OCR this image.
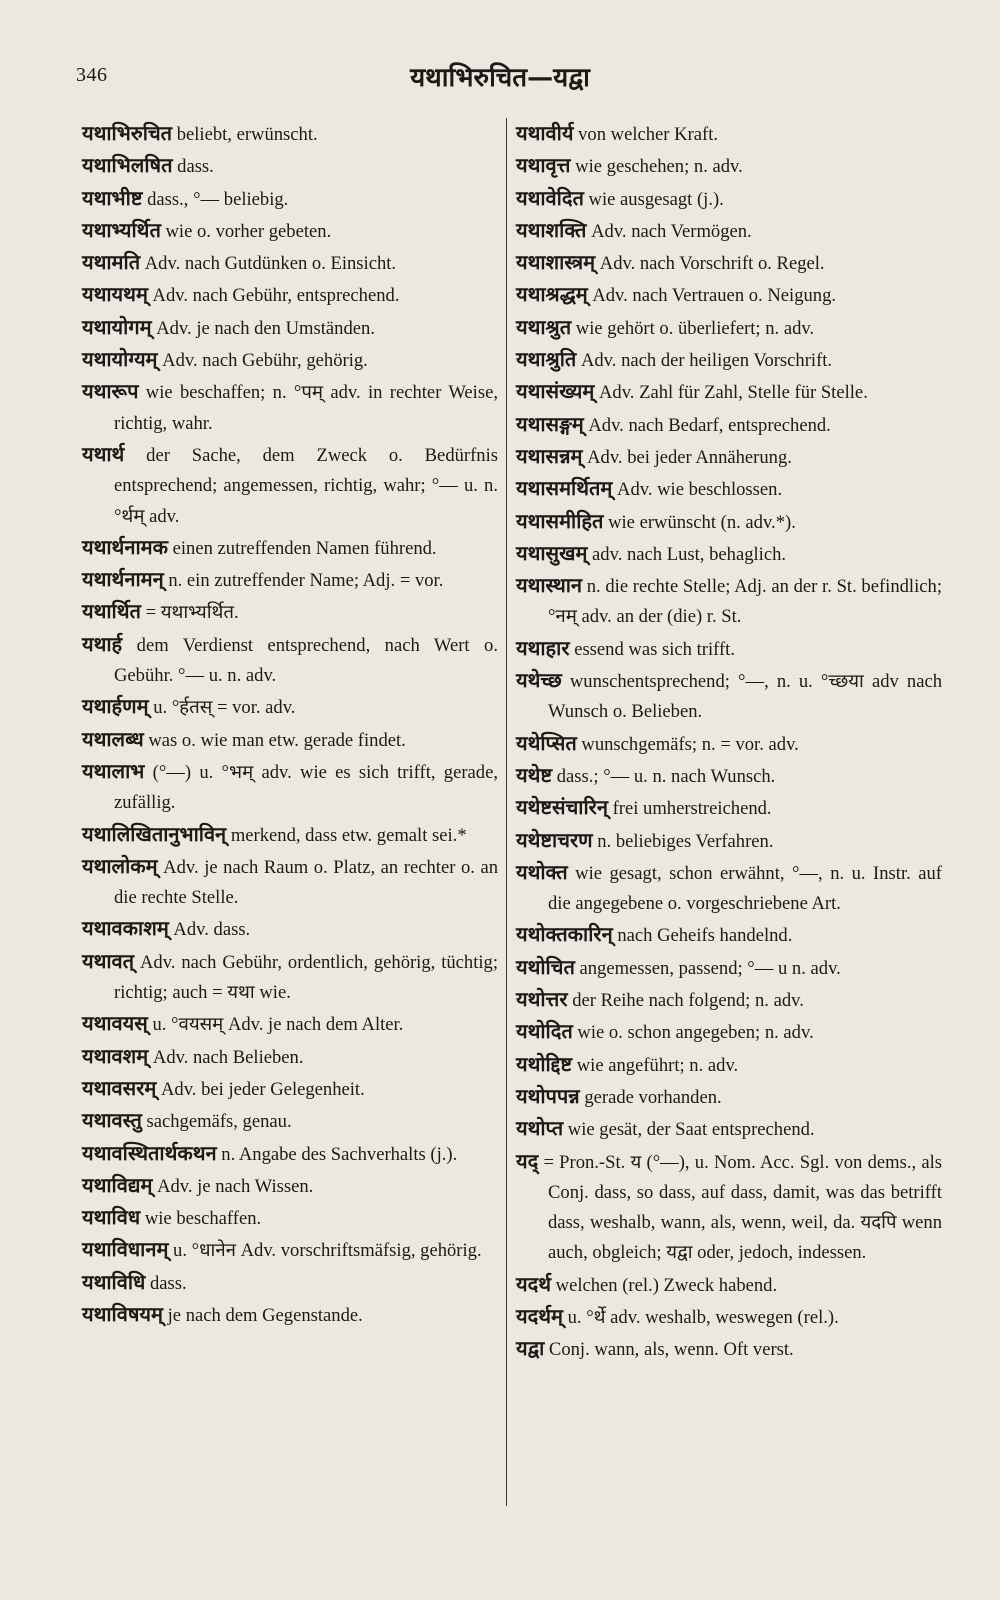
346	यथाभिरुचित—यद्वा

यथाभिरुचित beliebt, erwünscht.

यथाभिलषित dass.

यथाभीष्ट dass., °— beliebig.

यथाभ्यर्थित wie o. vorher gebeten.

यथामति Adv. nach Gutdünken o. Einsicht.

यथायथम् Adv. nach Gebühr, entsprechend.

यथायोगम् Adv. je nach den Umständen.

यथायोग्यम् Adv. nach Gebühr, gehörig.

यथारूप wie beschaffen; n. °पम् adv. in rechter Weise, richtig, wahr.

यथार्थ der Sache, dem Zweck o. Bedürfnis entsprechend; angemessen, richtig, wahr; °— u. n. °र्थम् adv.

यथार्थनामक einen zutreffenden Namen führend.

यथार्थनामन् n. ein zutreffender Name; Adj. = vor.

यथार्थित = यथाभ्यर्थित.

यथार्ह dem Verdienst entsprechend, nach Wert o. Gebühr. °— u. n. adv.

यथार्हणम् u. °र्हतस् = vor. adv.

यथालब्ध was o. wie man etw. gerade findet.

यथालाभ (°—) u. °भम् adv. wie es sich trifft, gerade, zufällig.

यथालिखितानुभाविन् merkend, dass etw. gemalt sei.*

यथालोकम् Adv. je nach Raum o. Platz, an rechter o. an die rechte Stelle.

यथावकाशम् Adv. dass.

यथावत् Adv. nach Gebühr, ordentlich, gehörig, tüchtig; richtig; auch = यथा wie.

यथावयस् u. °वयसम् Adv. je nach dem Alter.

यथावशम् Adv. nach Belieben.

यथावसरम् Adv. bei jeder Gelegenheit.

यथावस्तु sachgemäfs, genau.

यथावस्थितार्थकथन n. Angabe des Sachverhalts (j.).

यथाविद्यम् Adv. je nach Wissen.

यथाविध wie beschaffen.

यथाविधानम् u. °धानेन Adv. vorschriftsmäfsig, gehörig.

यथाविधि dass.

यथाविषयम् je nach dem Gegenstande.

यथावीर्य von welcher Kraft.

यथावृत्त wie geschehen; n. adv.

यथावेदित wie ausgesagt (j.).

यथाशक्ति Adv. nach Vermögen.

यथाशास्त्रम् Adv. nach Vorschrift o. Regel.

यथाश्रद्धम् Adv. nach Vertrauen o. Neigung.

यथाश्रुत wie gehört o. überliefert; n. adv.

यथाश्रुति Adv. nach der heiligen Vorschrift.

यथासंख्यम् Adv. Zahl für Zahl, Stelle für Stelle.

यथासङ्गम् Adv. nach Bedarf, entsprechend.

यथासन्नम् Adv. bei jeder Annäherung.

यथासमर्थितम् Adv. wie beschlossen.

यथासमीहित wie erwünscht (n. adv.*).

यथासुखम् adv. nach Lust, behaglich.

यथास्थान n. die rechte Stelle; Adj. an der r. St. befindlich; °नम् adv. an der (die) r. St.

यथाहार essend was sich trifft.

यथेच्छ wunschentsprechend; °—, n. u. °च्छया adv nach Wunsch o. Belieben.

यथेप्सित wunschgemäfs; n. = vor. adv.

यथेष्ट dass.; °— u. n. nach Wunsch.

यथेष्टसंचारिन् frei umherstreichend.

यथेष्टाचरण n. beliebiges Verfahren.

यथोक्त wie gesagt, schon erwähnt, °—, n. u. Instr. auf die angegebene o. vorgeschriebene Art.

यथोक्तकारिन् nach Geheifs handelnd.

यथोचित angemessen, passend; °— u n. adv.

यथोत्तर der Reihe nach folgend; n. adv.

यथोदित wie o. schon angegeben; n. adv.

यथोद्दिष्ट wie angeführt; n. adv.

यथोपपन्न gerade vorhanden.

यथोप्त wie gesät, der Saat entsprechend.

यद् = Pron.-St. य (°—), u. Nom. Acc. Sgl. von dems., als Conj. dass, so dass, auf dass, damit, was das betrifft dass, weshalb, wann, als, wenn, weil, da. यदपि wenn auch, obgleich; यद्वा oder, jedoch, indessen.

यदर्थ welchen (rel.) Zweck habend.

यदर्थम् u. °र्थे adv. weshalb, weswegen (rel.).

यद्वा Conj. wann, als, wenn. Oft verst.
